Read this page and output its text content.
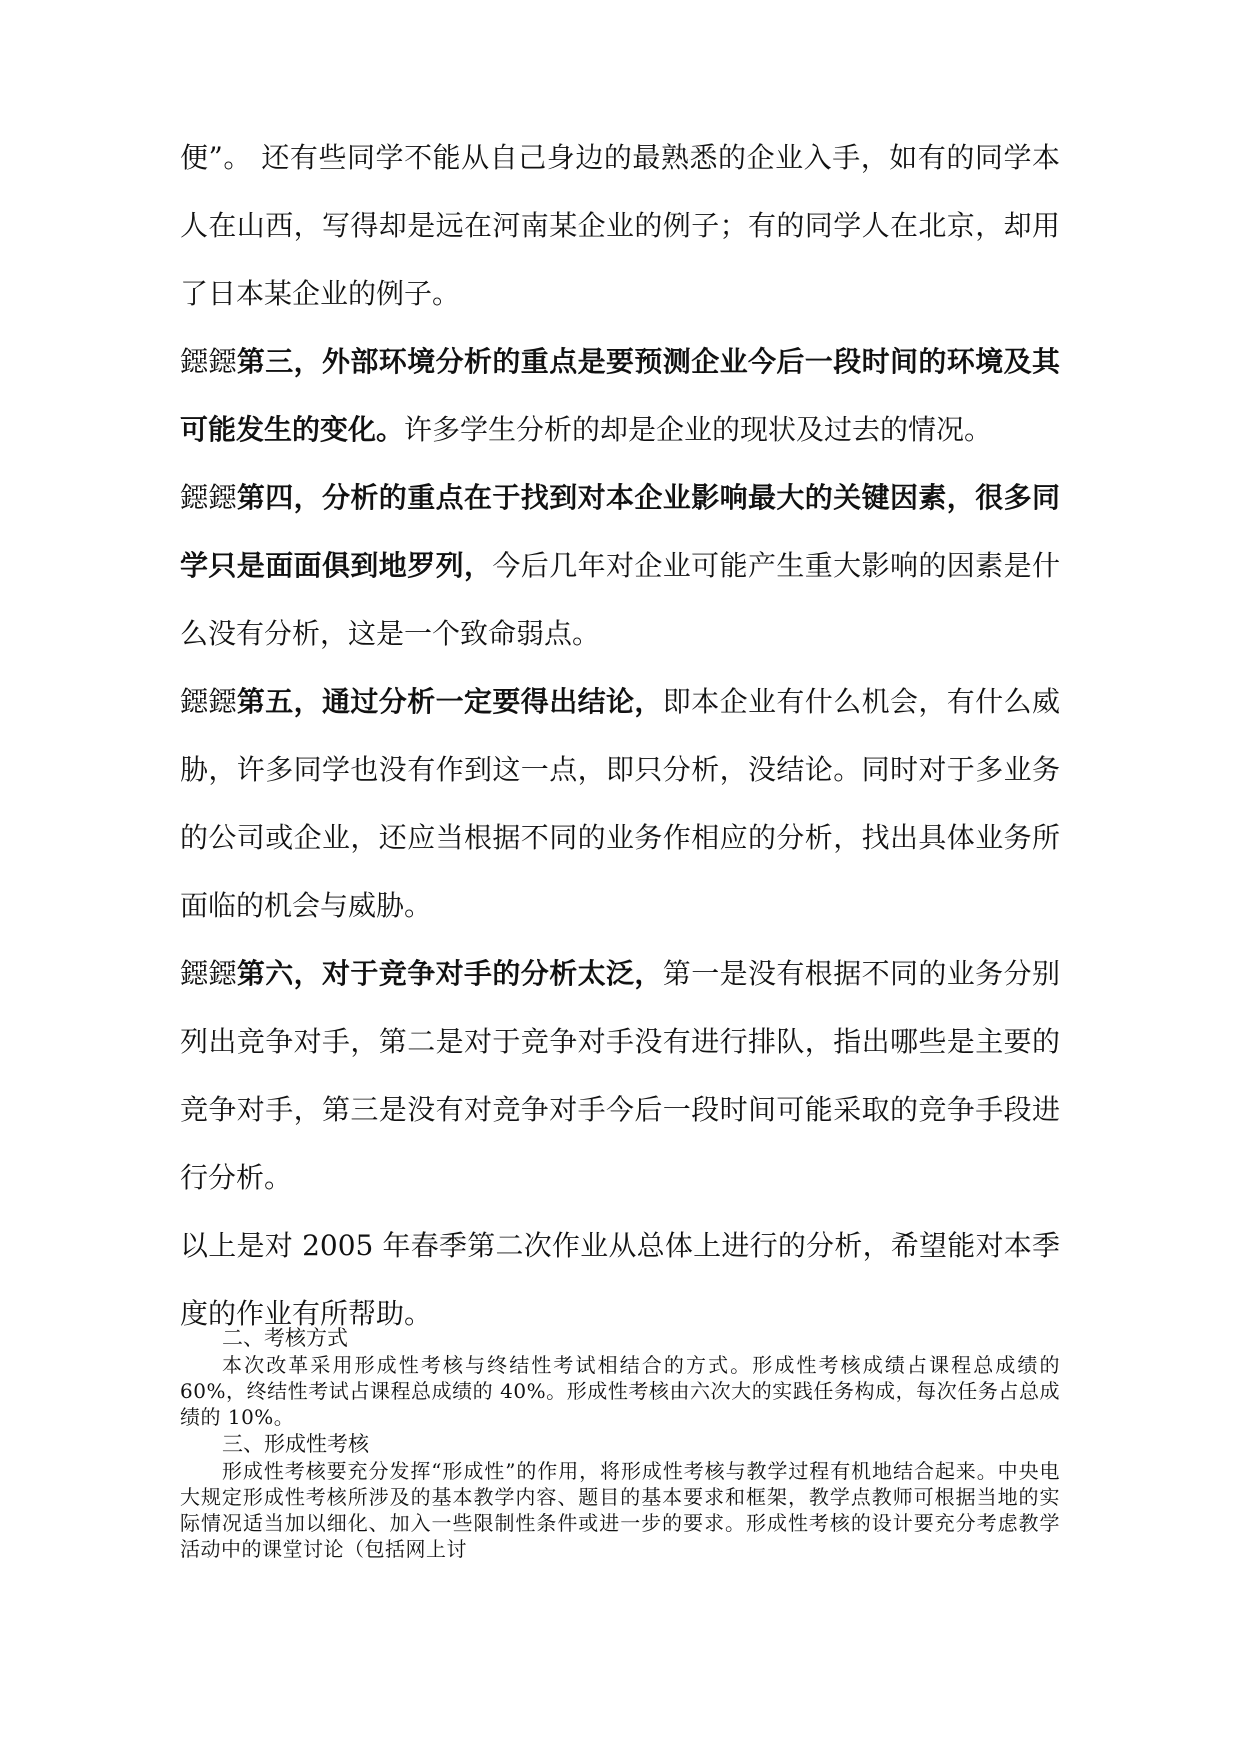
便”。 还有些同学不能从自己身边的最熟悉的企业入手，如有的同学本人在山西，写得却是远在河南某企业的例子；有的同学人在北京，却用了日本某企业的例子。

鐚鐚第三，外部环境分析的重点是要预测企业今后一段时间的环境及其可能发生的变化。许多学生分析的却是企业的现状及过去的情况。

鐚鐚第四，分析的重点在于找到对本企业影响最大的关键因素，很多同学只是面面俱到地罗列，今后几年对企业可能产生重大影响的因素是什么没有分析，这是一个致命弱点。

鐚鐚第五，通过分析一定要得出结论，即本企业有什么机会，有什么威胁，许多同学也没有作到这一点，即只分析，没结论。同时对于多业务的公司或企业，还应当根据不同的业务作相应的分析，找出具体业务所面临的机会与威胁。

鐚鐚第六，对于竞争对手的分析太泛，第一是没有根据不同的业务分别列出竞争对手，第二是对于竞争对手没有进行排队，指出哪些是主要的竞争对手，第三是没有对竞争对手今后一段时间可能采取的竞争手段进行分析。

以上是对 2005 年春季第二次作业从总体上进行的分析，希望能对本季度的作业有所帮助。

二、考核方式

本次改革采用形成性考核与终结性考试相结合的方式。形成性考核成绩占课程总成绩的 60%，终结性考试占课程总成绩的 40%。形成性考核由六次大的实践任务构成，每次任务占总成绩的 10%。

三、形成性考核

形成性考核要充分发挥“形成性”的作用，将形成性考核与教学过程有机地结合起来。中央电大规定形成性考核所涉及的基本教学内容、题目的基本要求和框架，教学点教师可根据当地的实际情况适当加以细化、加入一些限制性条件或进一步的要求。形成性考核的设计要充分考虑教学活动中的课堂讨论（包括网上讨
